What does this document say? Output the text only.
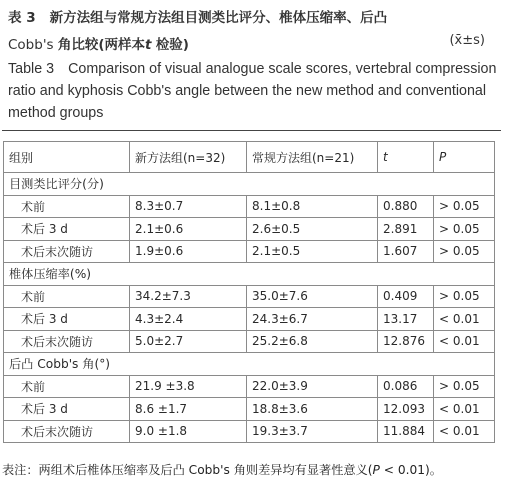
表 3 新方法组与常规方法组目测类比评分、椎体压缩率、后凸
Cobb's 角比较(两样本t 检验)	(x̄±s)
Table 3 Comparison of visual analogue scale scores, vertebral compression ratio and kyphosis Cobb's angle between the new method and conventional method groups
组别	新方法组(n=32)	常规方法组(n=21)	t	P
目测类比评分(分)				
术前	8.3±0.7	8.1±0.8	0.880	> 0.05
术后 3 d	2.1±0.6	2.6±0.5	2.891	> 0.05
术后末次随访	1.9±0.6	2.1±0.5	1.607	> 0.05
椎体压缩率(%)				
术前	34.2±7.3	35.0±7.6	0.409	> 0.05
术后 3 d	4.3±2.4	24.3±6.7	13.17	< 0.01
术后末次随访	5.0±2.7	25.2±6.8	12.876	< 0.01
后凸 Cobb's 角(°)				
术前	21.9 ±3.8	22.0±3.9	0.086	> 0.05
术后 3 d	8.6 ±1.7	18.8±3.6	12.093	< 0.01
术后末次随访	9.0 ±1.8	19.3±3.7	11.884	< 0.01
表注：两组术后椎体压缩率及后凸 Cobb's 角则差异均有显著性意义(P < 0.01)。
